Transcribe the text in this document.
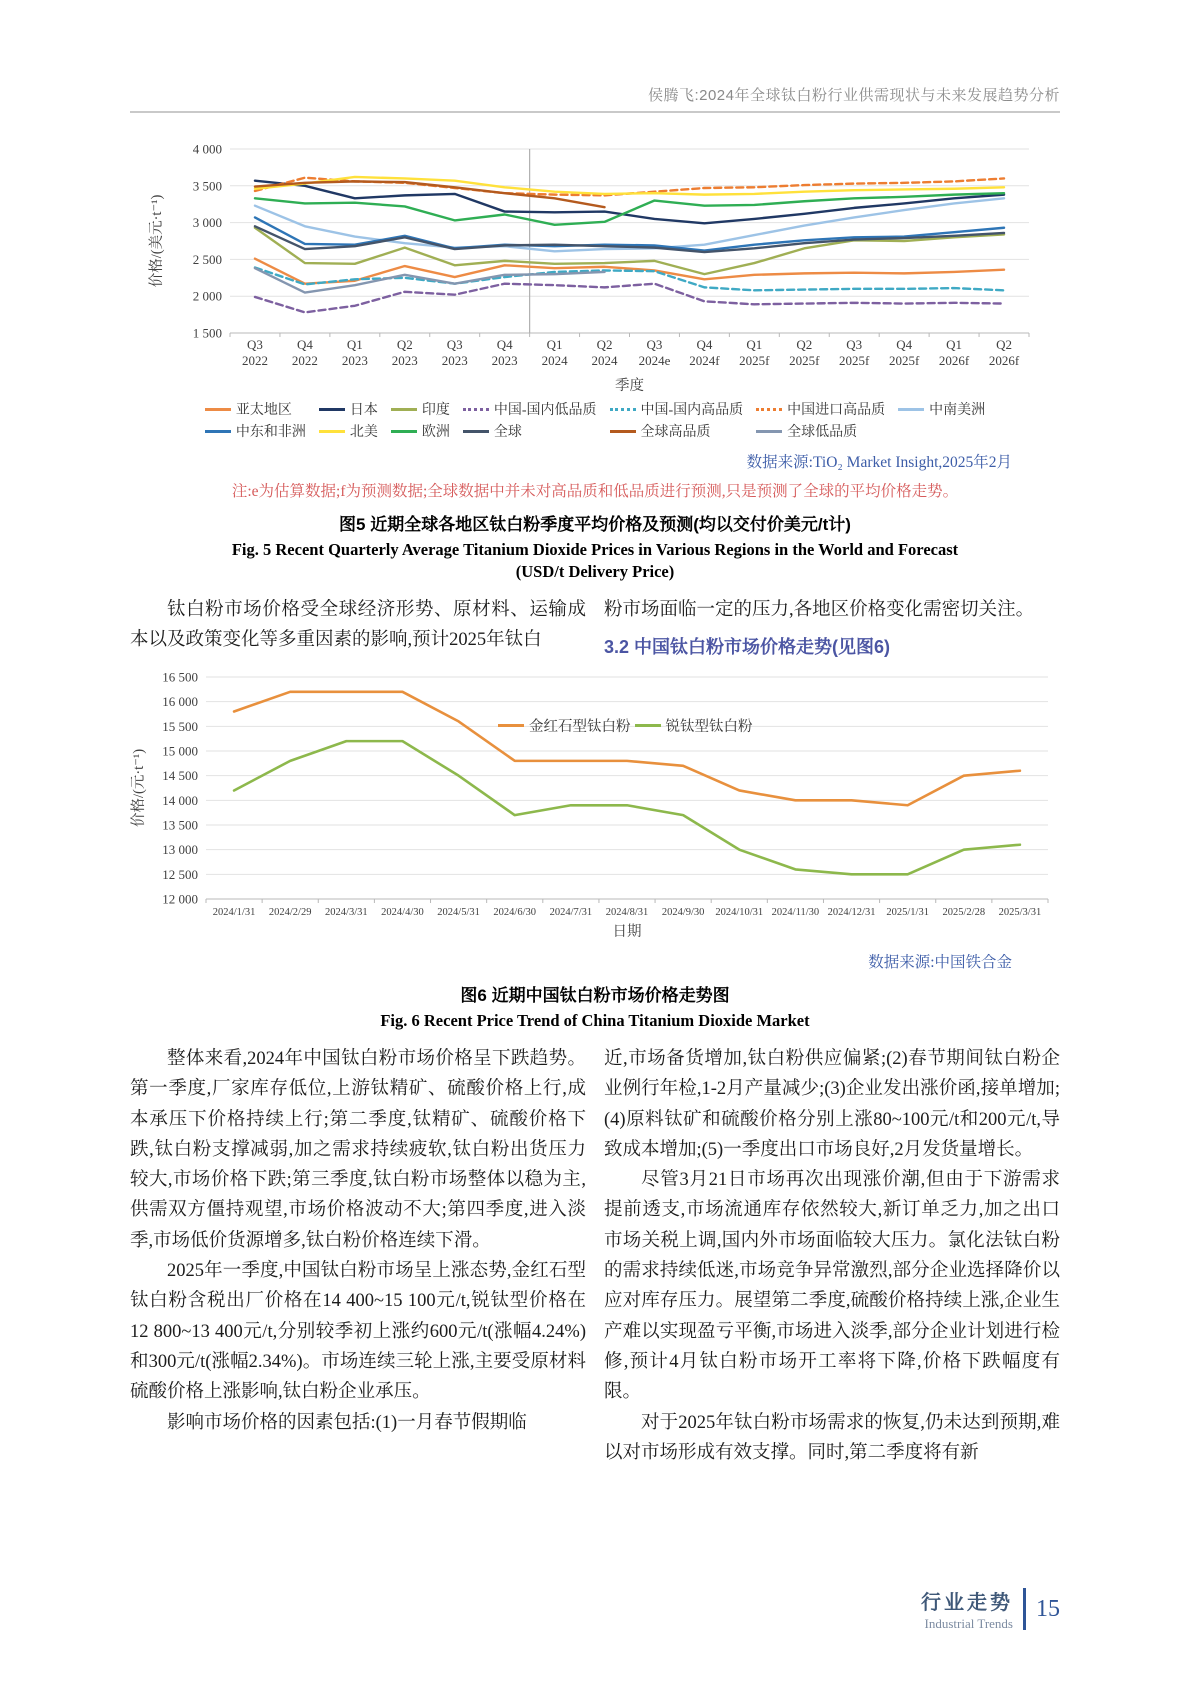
侯腾飞:2024年全球钛白粉行业供需现状与未来发展趋势分析
1 500
2 000
2 500
3 000
3 500
4 000
Q3
2022
Q4
2022
Q1
2023
Q2
2023
Q3
2023
Q4
2023
Q1
2024
Q2
2024
Q3
2024e
Q4
2024f
Q1
2025f
Q2
2025f
Q3
2025f
Q4
2025f
Q1
2026f
Q2
2026f
季度
价格/(美元·t⁻¹)
亚太地区	日本	印度	中国-国内低品质	中国-国内高品质	中国进口高品质	中南美洲
中东和非洲	北美	欧洲	全球	全球高品质	全球低品质
数据来源:TiO₂ Market Insight,2025年2月
注:e为估算数据;f为预测数据;全球数据中并未对高品质和低品质进行预测,只是预测了全球的平均价格走势。
图5 近期全球各地区钛白粉季度平均价格及预测(均以交付价美元/t计)
Fig. 5 Recent Quarterly Average Titanium Dioxide Prices in Various Regions in the World and Forecast
(USD/t Delivery Price)

钛白粉市场价格受全球经济形势、原材料、运输成本以及政策变化等多重因素的影响,预计2025年钛白

粉市场面临一定的压力,各地区价格变化需密切关注。

3.2 中国钛白粉市场价格走势(见图6)
12 000
12 500
13 000
13 500
14 000
14 500
15 000
15 500
16 000
16 500
2024/1/31 2024/2/29 2024/3/31 2024/4/30 2024/5/31 2024/6/30 2024/7/31 2024/8/31 2024/9/30 2024/10/31 2024/11/30 2024/12/31 2025/1/31 2025/2/28 2025/3/31
日期
价格/(元·t⁻¹)
金红石型钛白粉 锐钛型钛白粉
数据来源:中国铁合金
图6 近期中国钛白粉市场价格走势图
Fig. 6 Recent Price Trend of China Titanium Dioxide Market

整体来看,2024年中国钛白粉市场价格呈下跌趋势。第一季度,厂家库存低位,上游钛精矿、硫酸价格上行,成本承压下价格持续上行;第二季度,钛精矿、硫酸价格下跌,钛白粉支撑减弱,加之需求持续疲软,钛白粉出货压力较大,市场价格下跌;第三季度,钛白粉市场整体以稳为主,供需双方僵持观望,市场价格波动不大;第四季度,进入淡季,市场低价货源增多,钛白粉价格连续下滑。

2025年一季度,中国钛白粉市场呈上涨态势,金红石型钛白粉含税出厂价格在14 400~15 100元/t,锐钛型价格在12 800~13 400元/t,分别较季初上涨约600元/t(涨幅4.24%)和300元/t(涨幅2.34%)。市场连续三轮上涨,主要受原材料硫酸价格上涨影响,钛白粉企业承压。

影响市场价格的因素包括:(1)一月春节假期临

近,市场备货增加,钛白粉供应偏紧;(2)春节期间钛白粉企业例行年检,1-2月产量减少;(3)企业发出涨价函,接单增加;(4)原料钛矿和硫酸价格分别上涨80~100元/t和200元/t,导致成本增加;(5)一季度出口市场良好,2月发货量增长。

尽管3月21日市场再次出现涨价潮,但由于下游需求提前透支,市场流通库存依然较大,新订单乏力,加之出口市场关税上调,国内外市场面临较大压力。氯化法钛白粉的需求持续低迷,市场竞争异常激烈,部分企业选择降价以应对库存压力。展望第二季度,硫酸价格持续上涨,企业生产难以实现盈亏平衡,市场进入淡季,部分企业计划进行检修,预计4月钛白粉市场开工率将下降,价格下跌幅度有限。

对于2025年钛白粉市场需求的恢复,仍未达到预期,难以对市场形成有效支撑。同时,第二季度将有新

行业走势
Industrial Trends
15
